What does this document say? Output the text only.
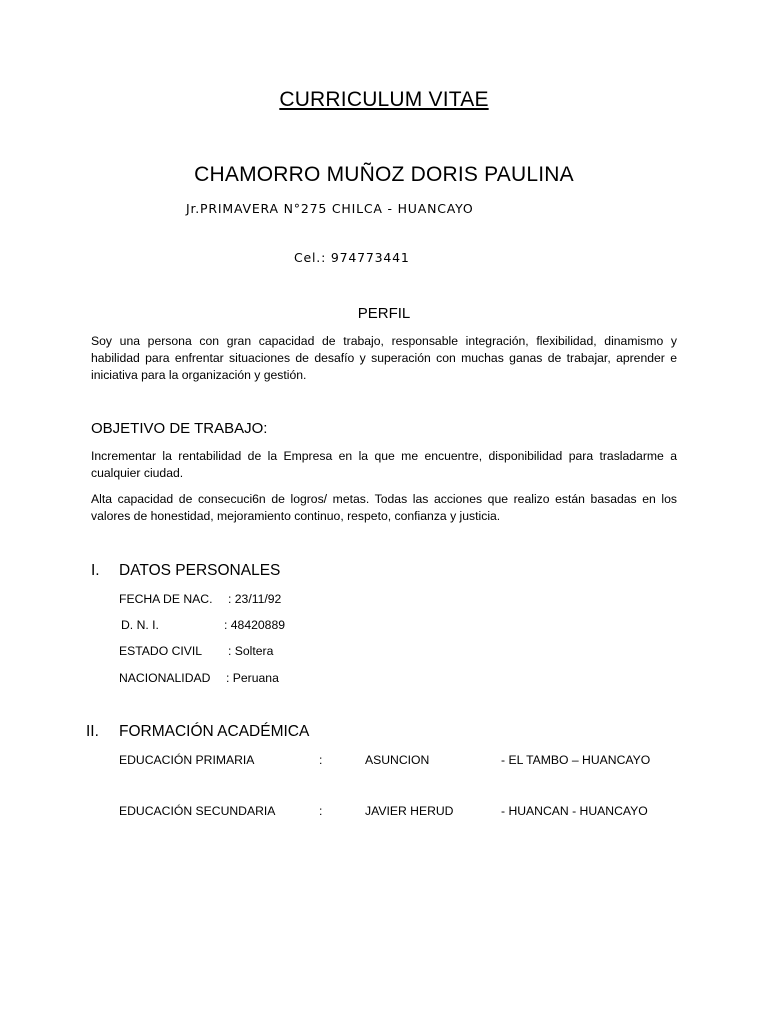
CURRICULUM VITAE
CHAMORRO MUÑOZ DORIS PAULINA
Jr.PRIMAVERA N°275 CHILCA - HUANCAYO
Cel.: 974773441
PERFIL
Soy una persona con gran capacidad de trabajo, responsable integración, flexibilidad, dinamismo y habilidad para enfrentar situaciones de desafío y superación con muchas ganas de trabajar, aprender e iniciativa para la organización y gestión.
OBJETIVO DE TRABAJO:
Incrementar la rentabilidad de la Empresa en la que me encuentre, disponibilidad para trasladarme a cualquier ciudad.
Alta capacidad de consecuci6n de logros/ metas. Todas las acciones que realizo están basadas en los valores de honestidad, mejoramiento continuo, respeto, confianza y justicia.
I. DATOS PERSONALES
FECHA DE NAC. : 23/11/92
D. N. I.	: 48420889
ESTADO CIVIL : Soltera
NACIONALIDAD : Peruana
II. FORMACIÓN ACADÉMICA
EDUCACIÓN PRIMARIA	:	ASUNCION	- EL TAMBO – HUANCAYO
EDUCACIÓN SECUNDARIA	:	JAVIER HERUD	- HUANCAN - HUANCAYO
